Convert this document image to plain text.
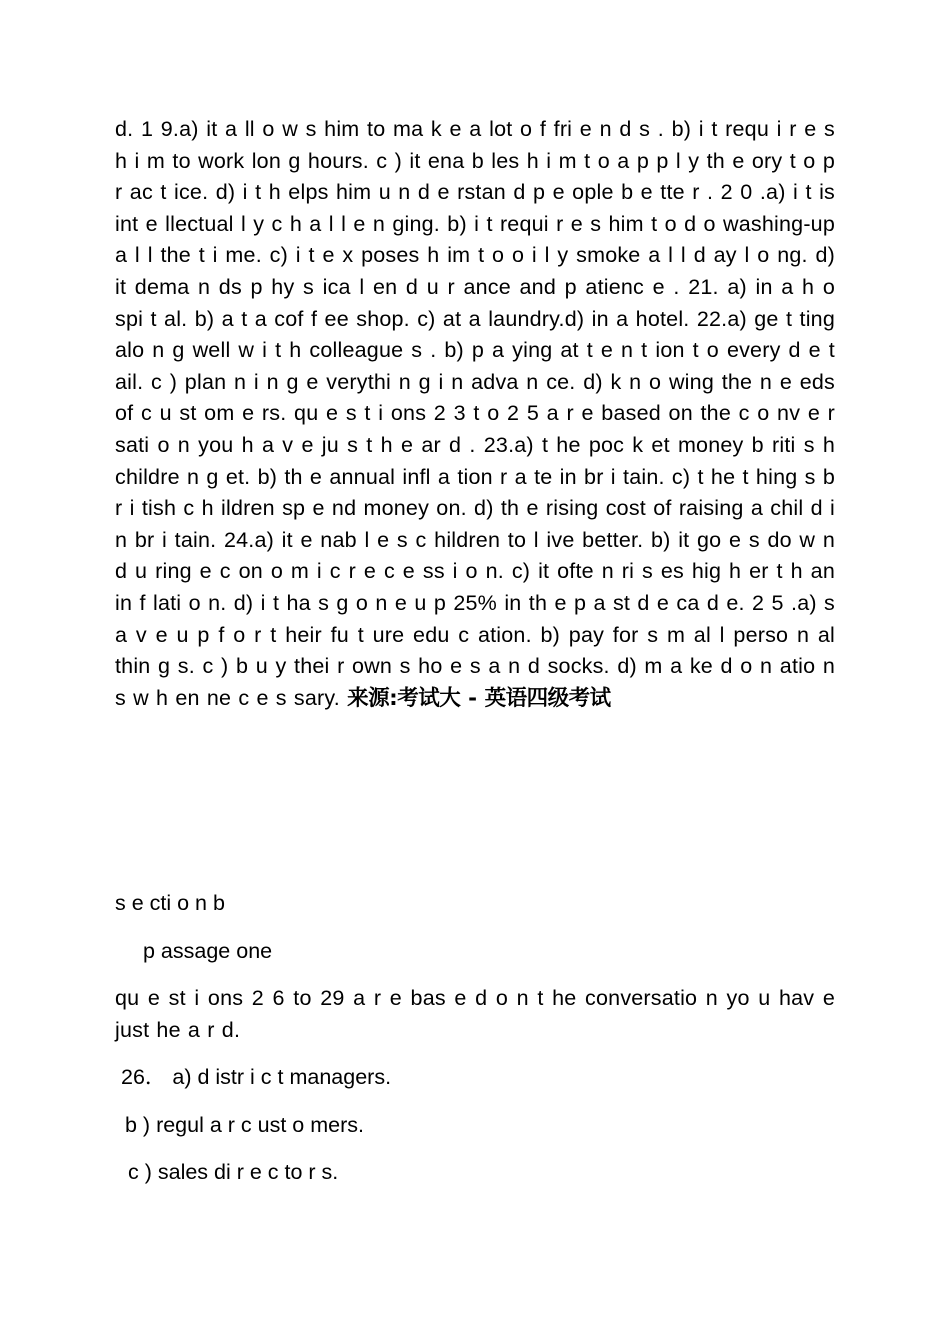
d. 1 9.a) it a ll o w s him to ma k e a lot o f fri e n d s . b) i t requ i r e s h i m to work lon g hours. c ) it ena b les h i m t o a p p l y th e ory t o p r ac t ice. d) i t h elps him u n d e rstan d p e ople b e tte r . 2 0 .a) i t is int e llectual l y c h a l l e n ging. b) i t requi r e s him t o d o washing-up a l l the t i me. c) i t e x poses h im t o o i l y smoke a l l d ay l o ng. d) it dema n ds p hy s ica l en d u r ance and p atienc e . 21. a) in a h o spi t al. b) a t a cof f ee shop. c) at a laundry.d) in a hotel. 22.a) ge t ting alo n g well w i t h colleague s . b) p a ying at t e n t ion t o every d e t ail. c ) plan n i n g e verythi n g i n adva n ce. d) k n o wing the n e eds of c u st om e rs. qu e s t i ons 2 3 t o 2 5 a r e based on the c o nv e r sati o n you h a v e ju s t h e ar d . 23.a) t he poc k et money b riti s h childre n g et. b) th e annual infl a tion r a te in br i tain. c) t he t hing s b r i tish c h ildren sp e nd money on. d) th e rising cost of raising a chil d i n br i tain. 24.a) it e nab l e s c hildren to l ive better. b) it go e s do w n d u ring e c on o m i c r e c e ss i o n. c) it ofte n ri s es hig h er t h an in f lati o n. d) i t ha s g o n e u p 25% in th e p a st d e ca d e. 2 5 .a) s a v e u p f o r t heir fu t ure edu c ation. b) pay for s m al l perso n al thin g s. c ) b u y thei r own s ho e s a n d socks. d) m a ke d o n atio n s w h en ne c e s sary. 来源:考试大 - 英语四级考试
s e cti o n b
p assage one
qu e st i ons 2 6 to 29 a r e bas e d o n t he conversatio n yo u hav e just he a r d.
26． a) d istr i c t managers.
b ) regul a r c ust o mers.
c ) sales di r e c to r s.
